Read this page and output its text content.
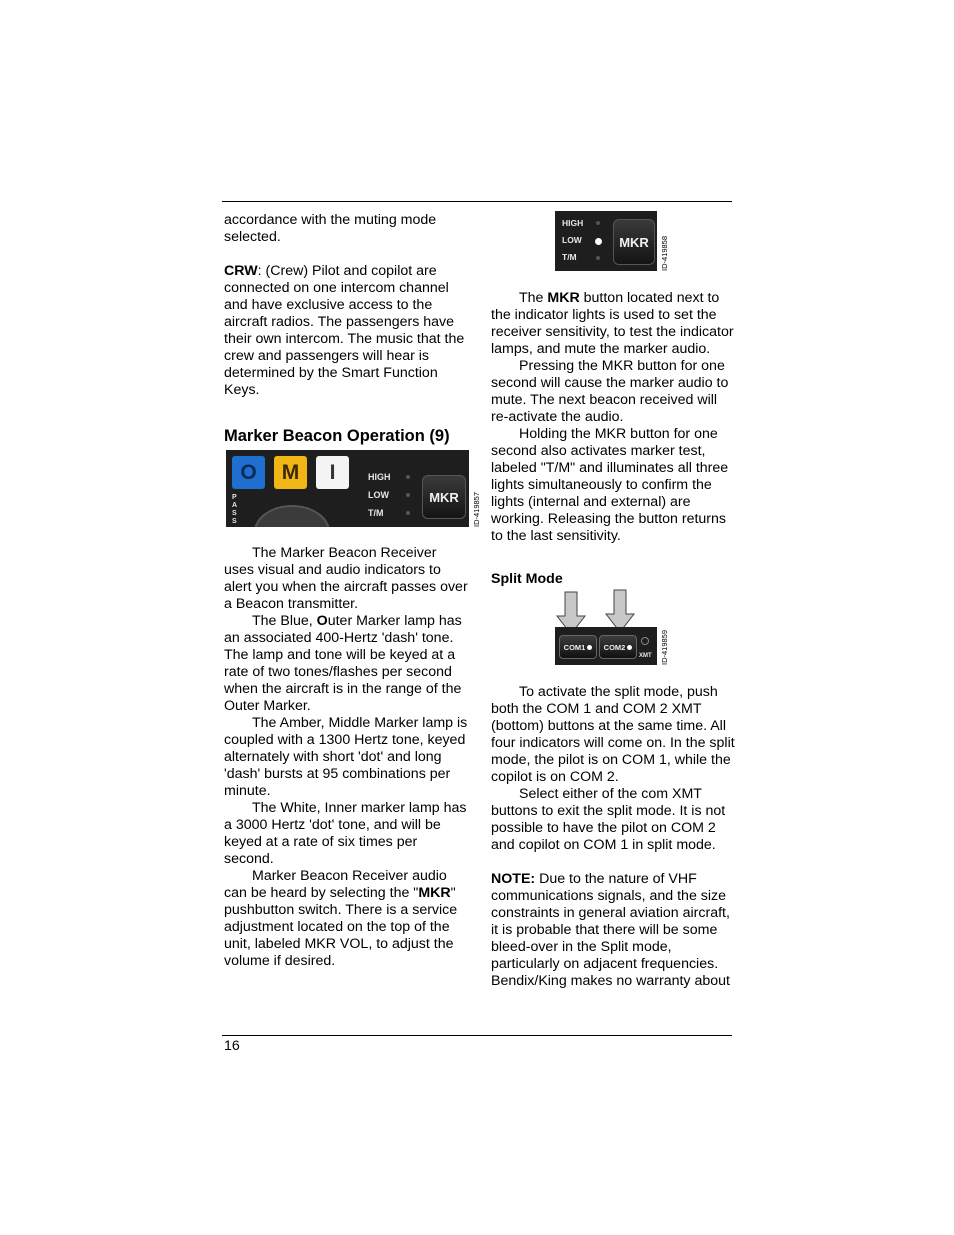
accordance with the muting mode selected.

CRW: (Crew) Pilot and copilot are connected on one intercom channel and have exclusive access to the aircraft radios. The passengers have their own intercom. The music that the crew and passengers will hear is determined by the Smart Function Keys.

Marker Beacon Operation (9)
O M I
P A S S
HIGH
LOW
T/M
MKR	ID-419857

The Marker Beacon Receiver uses visual and audio indicators to alert you when the aircraft passes over a Beacon transmitter.

The Blue, Outer Marker lamp has an associated 400-Hertz 'dash' tone. The lamp and tone will be keyed at a rate of two tones/flashes per second when the aircraft is in the range of the Outer Marker.

The Amber, Middle Marker lamp is coupled with a 1300 Hertz tone, keyed alternately with short 'dot' and long 'dash' bursts at 95 combinations per minute.

The White, Inner marker lamp has a 3000 Hertz 'dot' tone, and will be keyed at a rate of six times per second.

Marker Beacon Receiver audio can be heard by selecting the "MKR" pushbutton switch. There is a service adjustment located on the top of the unit, labeled MKR VOL, to adjust the volume if desired.

HIGH
LOW
T/M
MKR	ID-419858

The MKR button located next to the indicator lights is used to set the receiver sensitivity, to test the indicator lamps, and mute the marker audio.

Pressing the MKR button for one second will cause the marker audio to mute. The next beacon received will re-activate the audio.

Holding the MKR button for one second also activates marker test, labeled "T/M" and illuminates all three lights simultaneously to confirm the lights (internal and external) are working. Releasing the button returns to the last sensitivity.

Split Mode

COM1 COM2
XMT ID-419859

To activate the split mode, push both the COM 1 and COM 2 XMT (bottom) buttons at the same time. All four indicators will come on. In the split mode, the pilot is on COM 1, while the copilot is on COM 2.

Select either of the com XMT buttons to exit the split mode. It is not possible to have the pilot on COM 2 and copilot on COM 1 in split mode.

NOTE: Due to the nature of VHF communications signals, and the size constraints in general aviation aircraft, it is probable that there will be some bleed-over in the Split mode, particularly on adjacent frequencies. Bendix/King makes no warranty about

16
